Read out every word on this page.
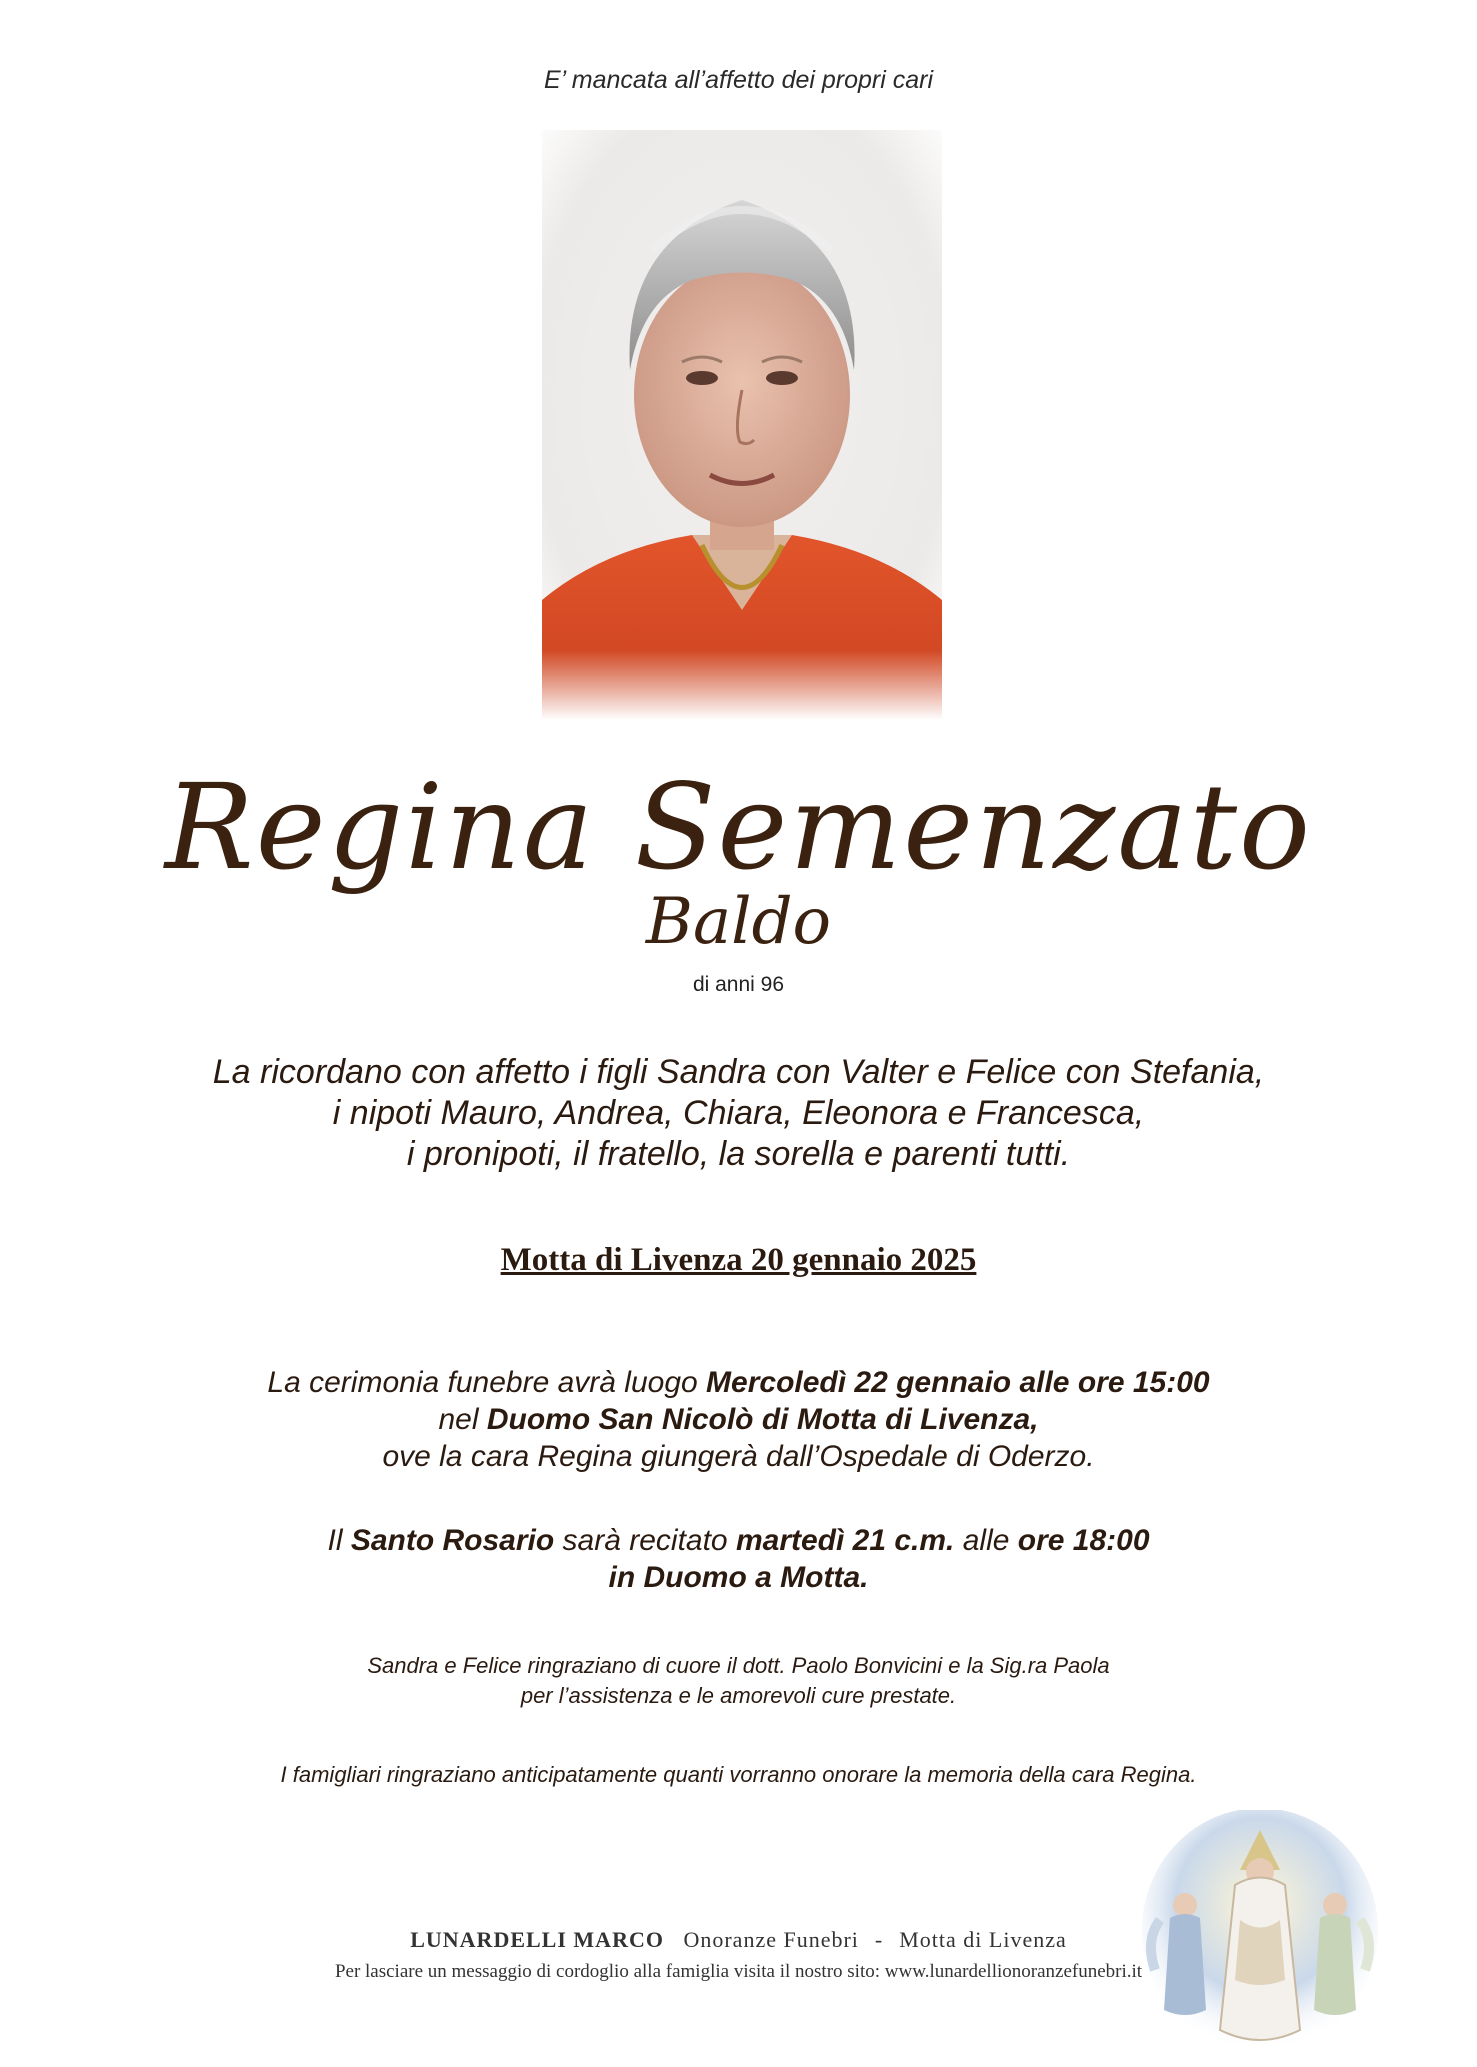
E’ mancata all’affetto dei propri cari
Regina Semenzato
Baldo
di anni 96
La ricordano con affetto i figli Sandra con Valter e Felice con Stefania,
i nipoti Mauro, Andrea, Chiara, Eleonora e Francesca,
i pronipoti, il fratello, la sorella e parenti tutti.
Motta di Livenza 20 gennaio 2025
La cerimonia funebre avrà luogo Mercoledì 22 gennaio alle ore 15:00
nel Duomo San Nicolò di Motta di Livenza,
ove la cara Regina giungerà dall’Ospedale di Oderzo.
Il Santo Rosario sarà recitato martedì 21 c.m. alle ore 18:00
in Duomo a Motta.
Sandra e Felice ringraziano di cuore il dott. Paolo Bonvicini e la Sig.ra Paola
per l’assistenza e le amorevoli cure prestate.
I famigliari ringraziano anticipatamente quanti vorranno onorare la memoria della cara Regina.
LUNARDELLI MARCO Onoranze Funebri - Motta di Livenza
Per lasciare un messaggio di cordoglio alla famiglia visita il nostro sito: www.lunardellionoranzefunebri.it
